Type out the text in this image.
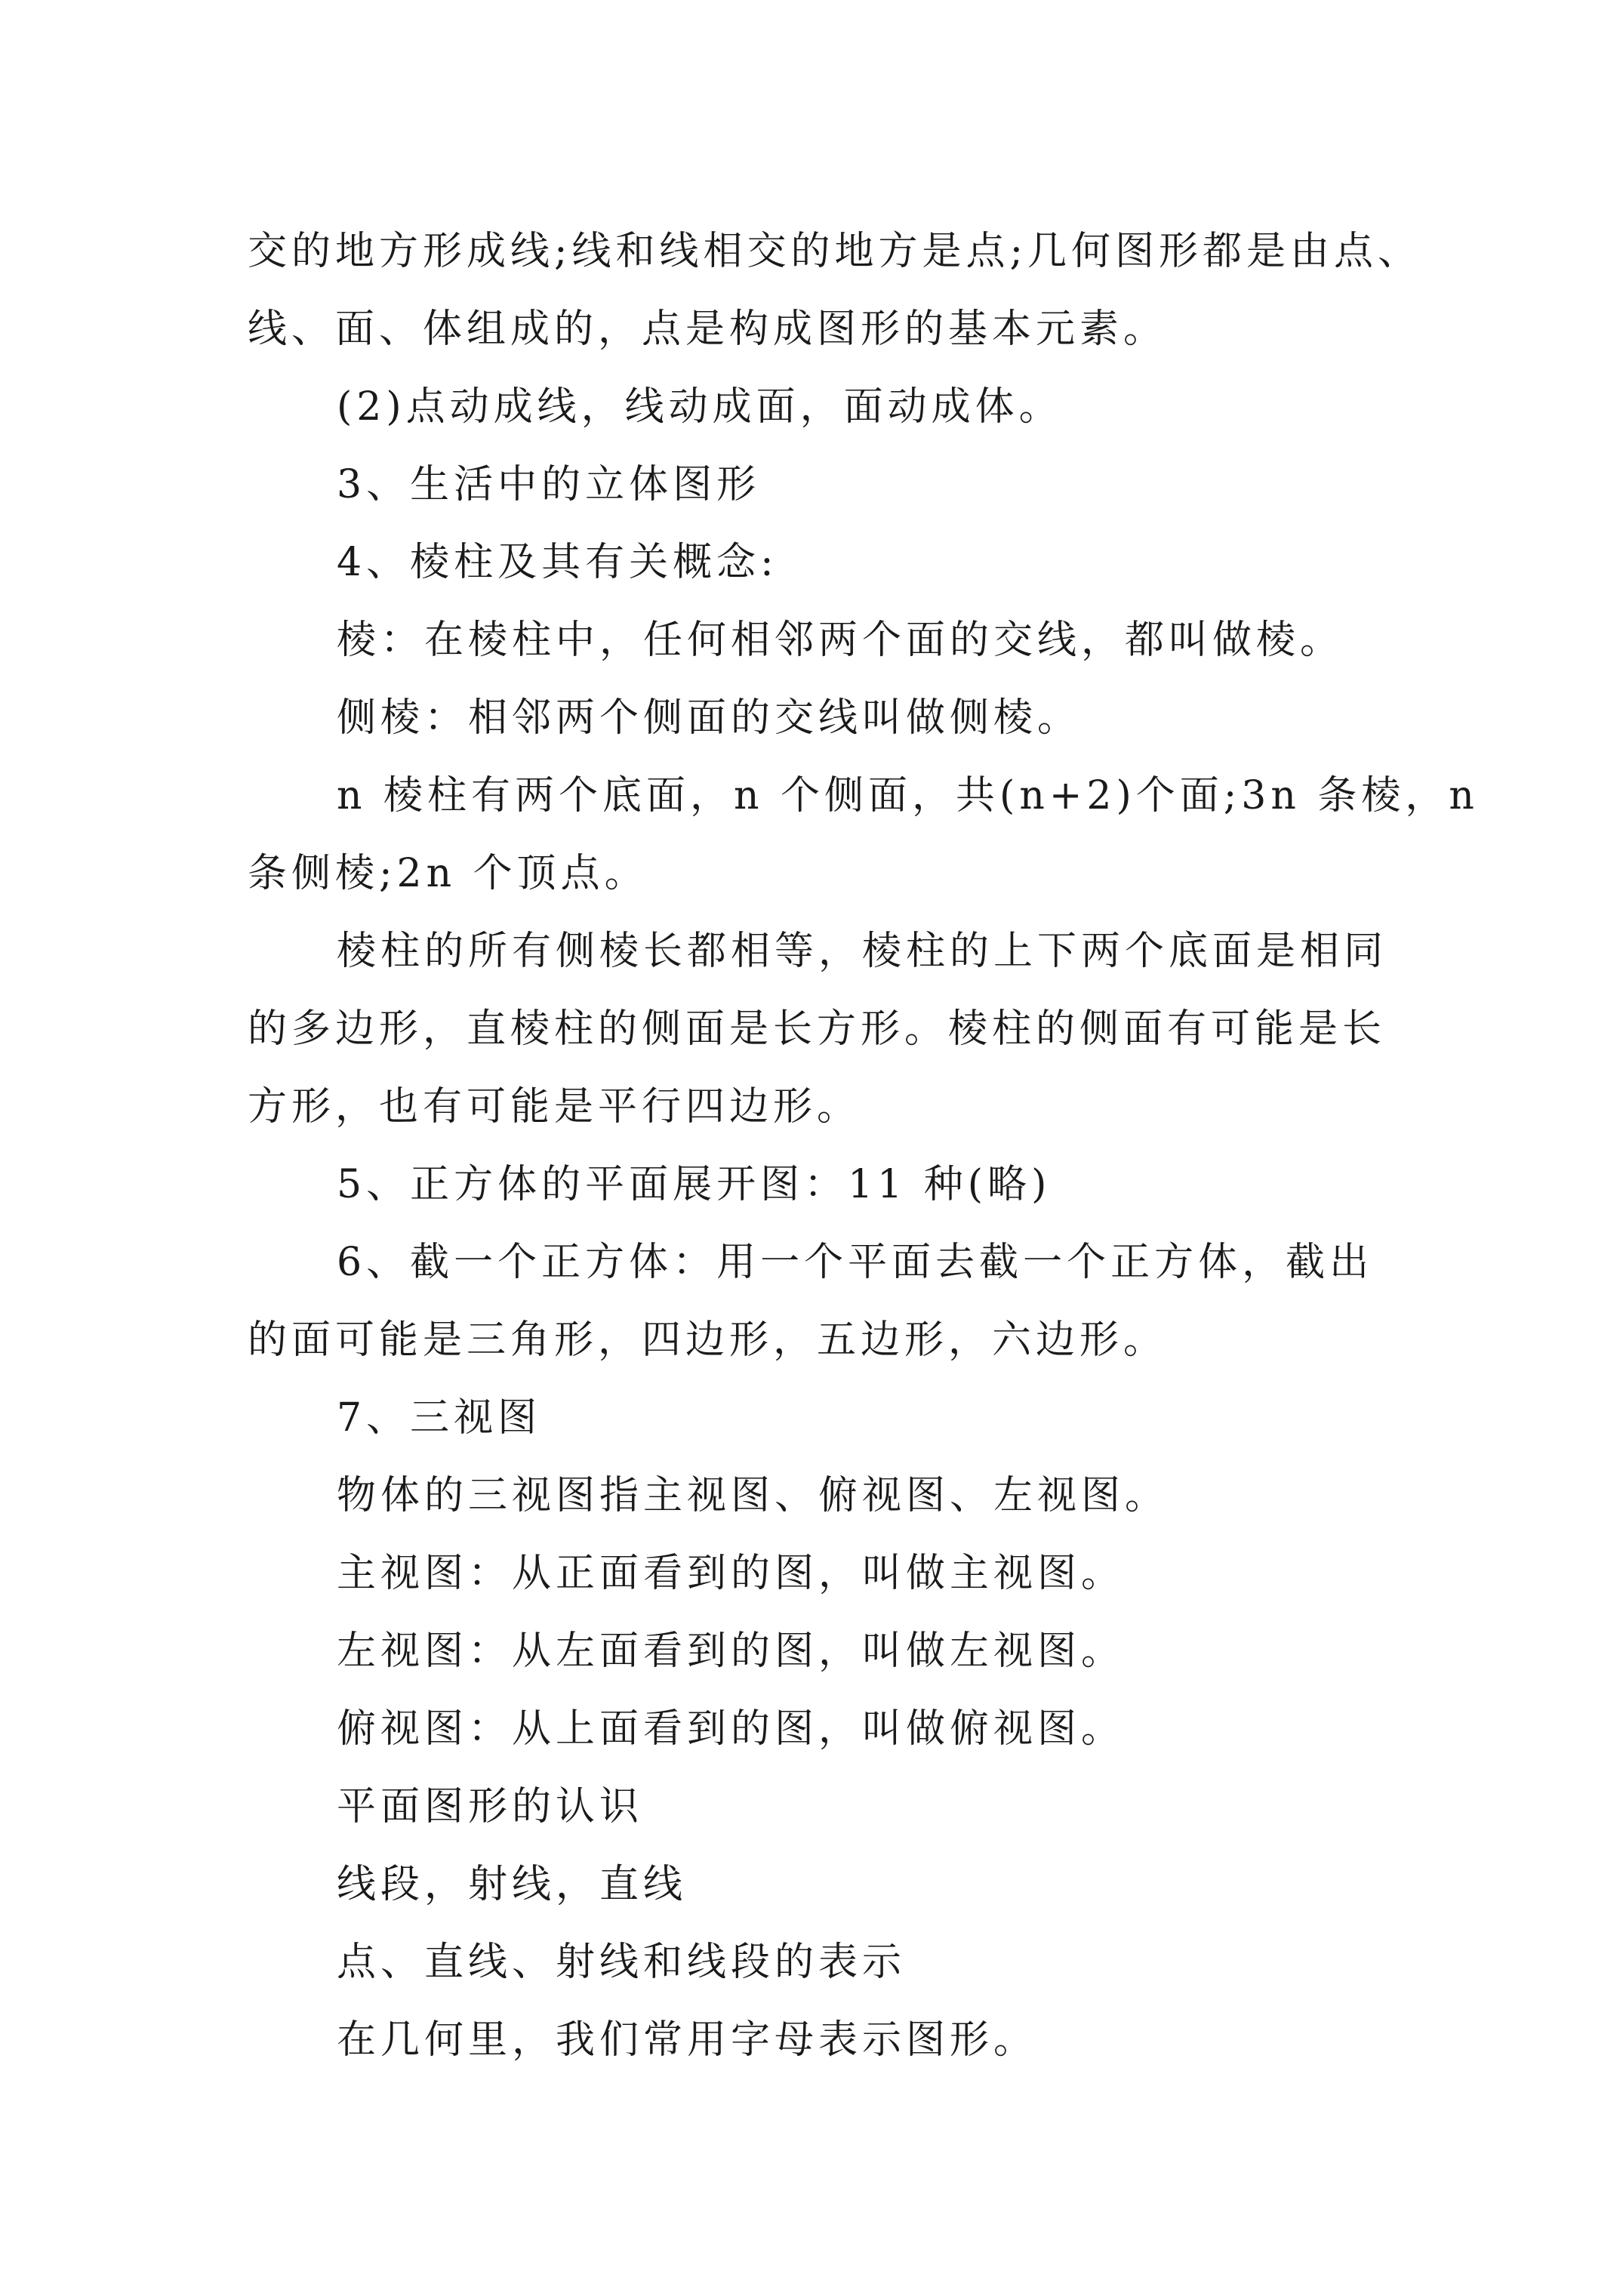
交的地方形成线;线和线相交的地方是点;几何图形都是由点、
线、面、体组成的，点是构成图形的基本元素。
(2)点动成线，线动成面，面动成体。
3、生活中的立体图形
4、棱柱及其有关概念:
棱：在棱柱中，任何相邻两个面的交线，都叫做棱。
侧棱：相邻两个侧面的交线叫做侧棱。
n 棱柱有两个底面，n 个侧面，共(n+2)个面;3n 条棱，n
条侧棱;2n 个顶点。
棱柱的所有侧棱长都相等，棱柱的上下两个底面是相同
的多边形，直棱柱的侧面是长方形。棱柱的侧面有可能是长
方形，也有可能是平行四边形。
5、正方体的平面展开图：11 种(略)
6、截一个正方体：用一个平面去截一个正方体，截出
的面可能是三角形，四边形，五边形，六边形。
7、三视图
物体的三视图指主视图、俯视图、左视图。
主视图：从正面看到的图，叫做主视图。
左视图：从左面看到的图，叫做左视图。
俯视图：从上面看到的图，叫做俯视图。
平面图形的认识
线段，射线，直线
点、直线、射线和线段的表示
在几何里，我们常用字母表示图形。
